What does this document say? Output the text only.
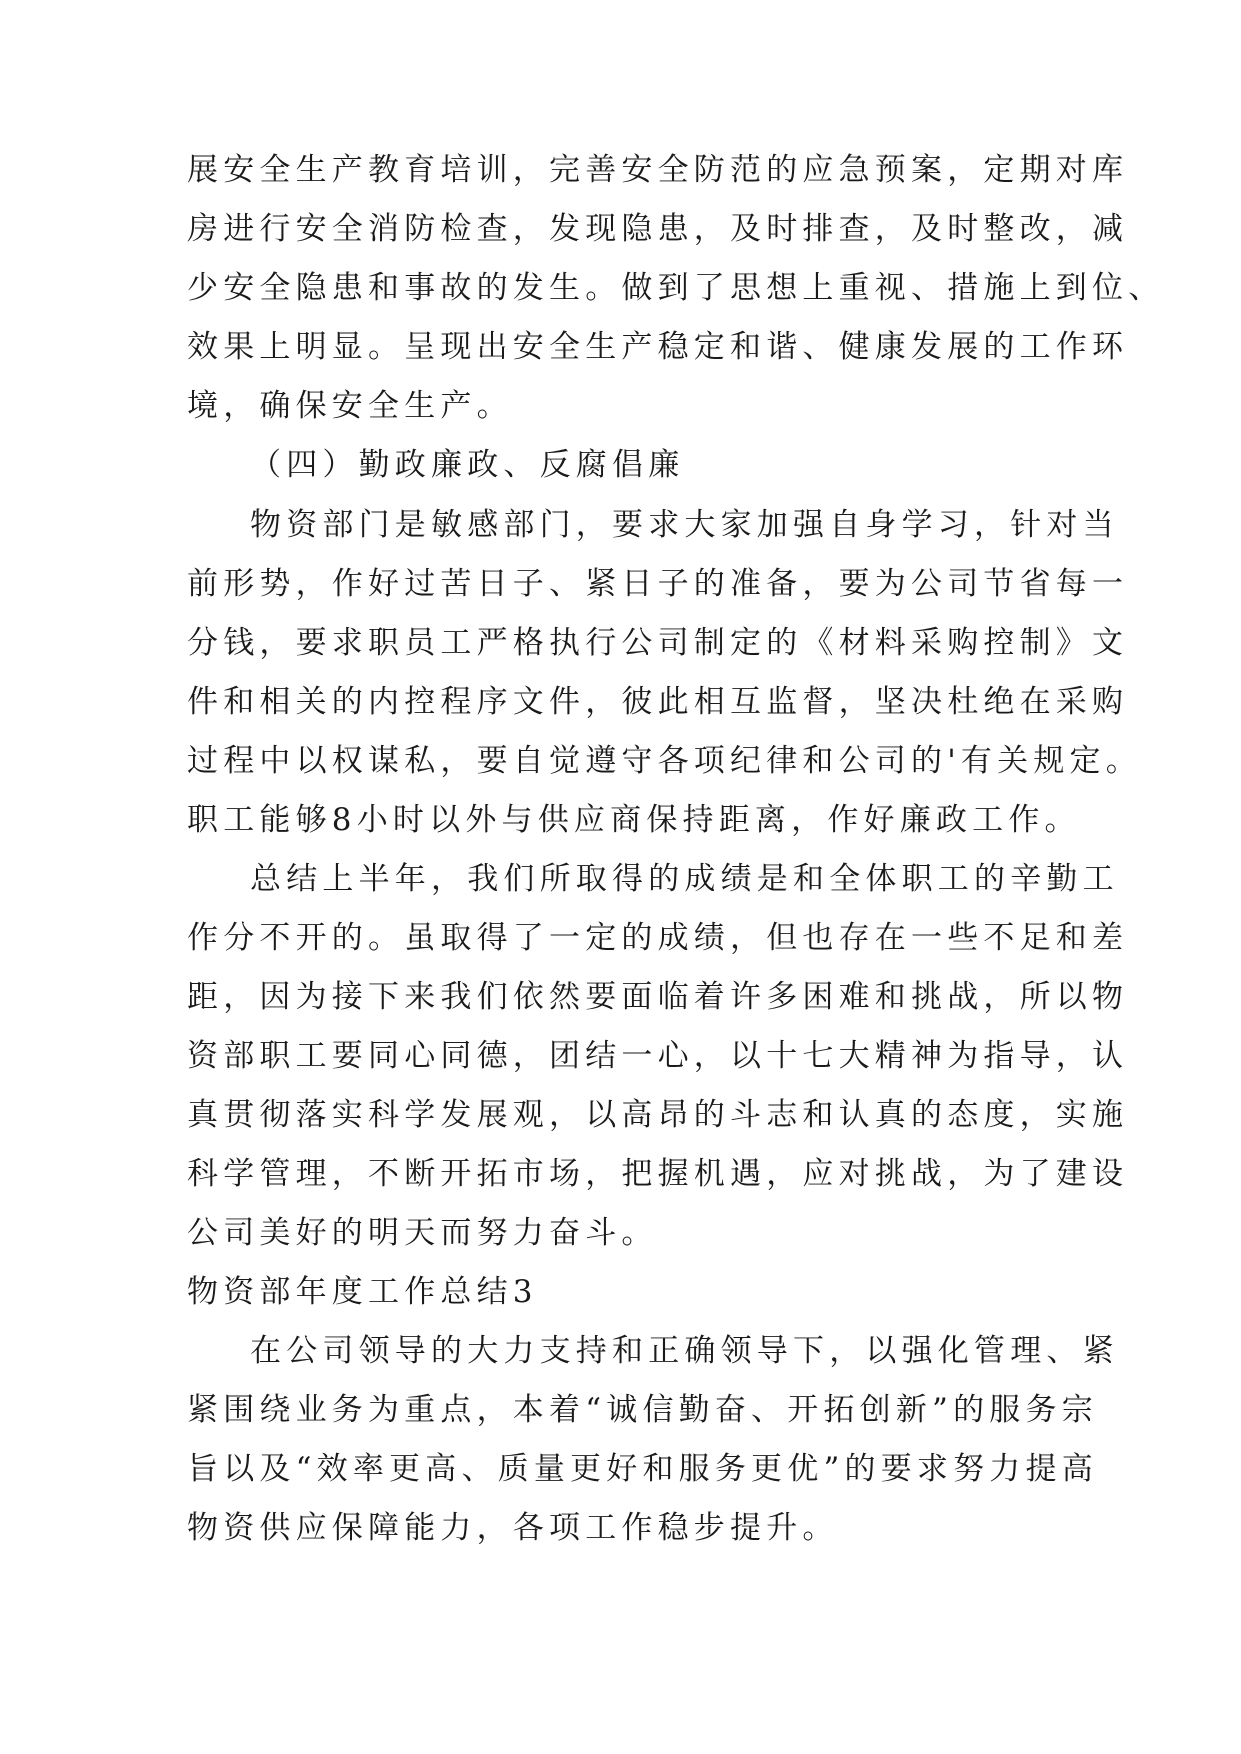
展安全生产教育培训，完善安全防范的应急预案，定期对库
房进行安全消防检查，发现隐患，及时排查，及时整改，减
少安全隐患和事故的发生。做到了思想上重视、措施上到位、
效果上明显。呈现出安全生产稳定和谐、健康发展的工作环
境，确保安全生产。
（四）勤政廉政、反腐倡廉
物资部门是敏感部门，要求大家加强自身学习，针对当
前形势，作好过苦日子、紧日子的准备，要为公司节省每一
分钱，要求职员工严格执行公司制定的《材料采购控制》文
件和相关的内控程序文件，彼此相互监督，坚决杜绝在采购
过程中以权谋私，要自觉遵守各项纪律和公司的'有关规定。
职工能够8小时以外与供应商保持距离，作好廉政工作。
总结上半年，我们所取得的成绩是和全体职工的辛勤工
作分不开的。虽取得了一定的成绩，但也存在一些不足和差
距，因为接下来我们依然要面临着许多困难和挑战，所以物
资部职工要同心同德，团结一心，以十七大精神为指导，认
真贯彻落实科学发展观，以高昂的斗志和认真的态度，实施
科学管理，不断开拓市场，把握机遇，应对挑战，为了建设
公司美好的明天而努力奋斗。
物资部年度工作总结3
在公司领导的大力支持和正确领导下，以强化管理、紧
紧围绕业务为重点，本着“诚信勤奋、开拓创新”的服务宗
旨以及“效率更高、质量更好和服务更优”的要求努力提高
物资供应保障能力，各项工作稳步提升。
